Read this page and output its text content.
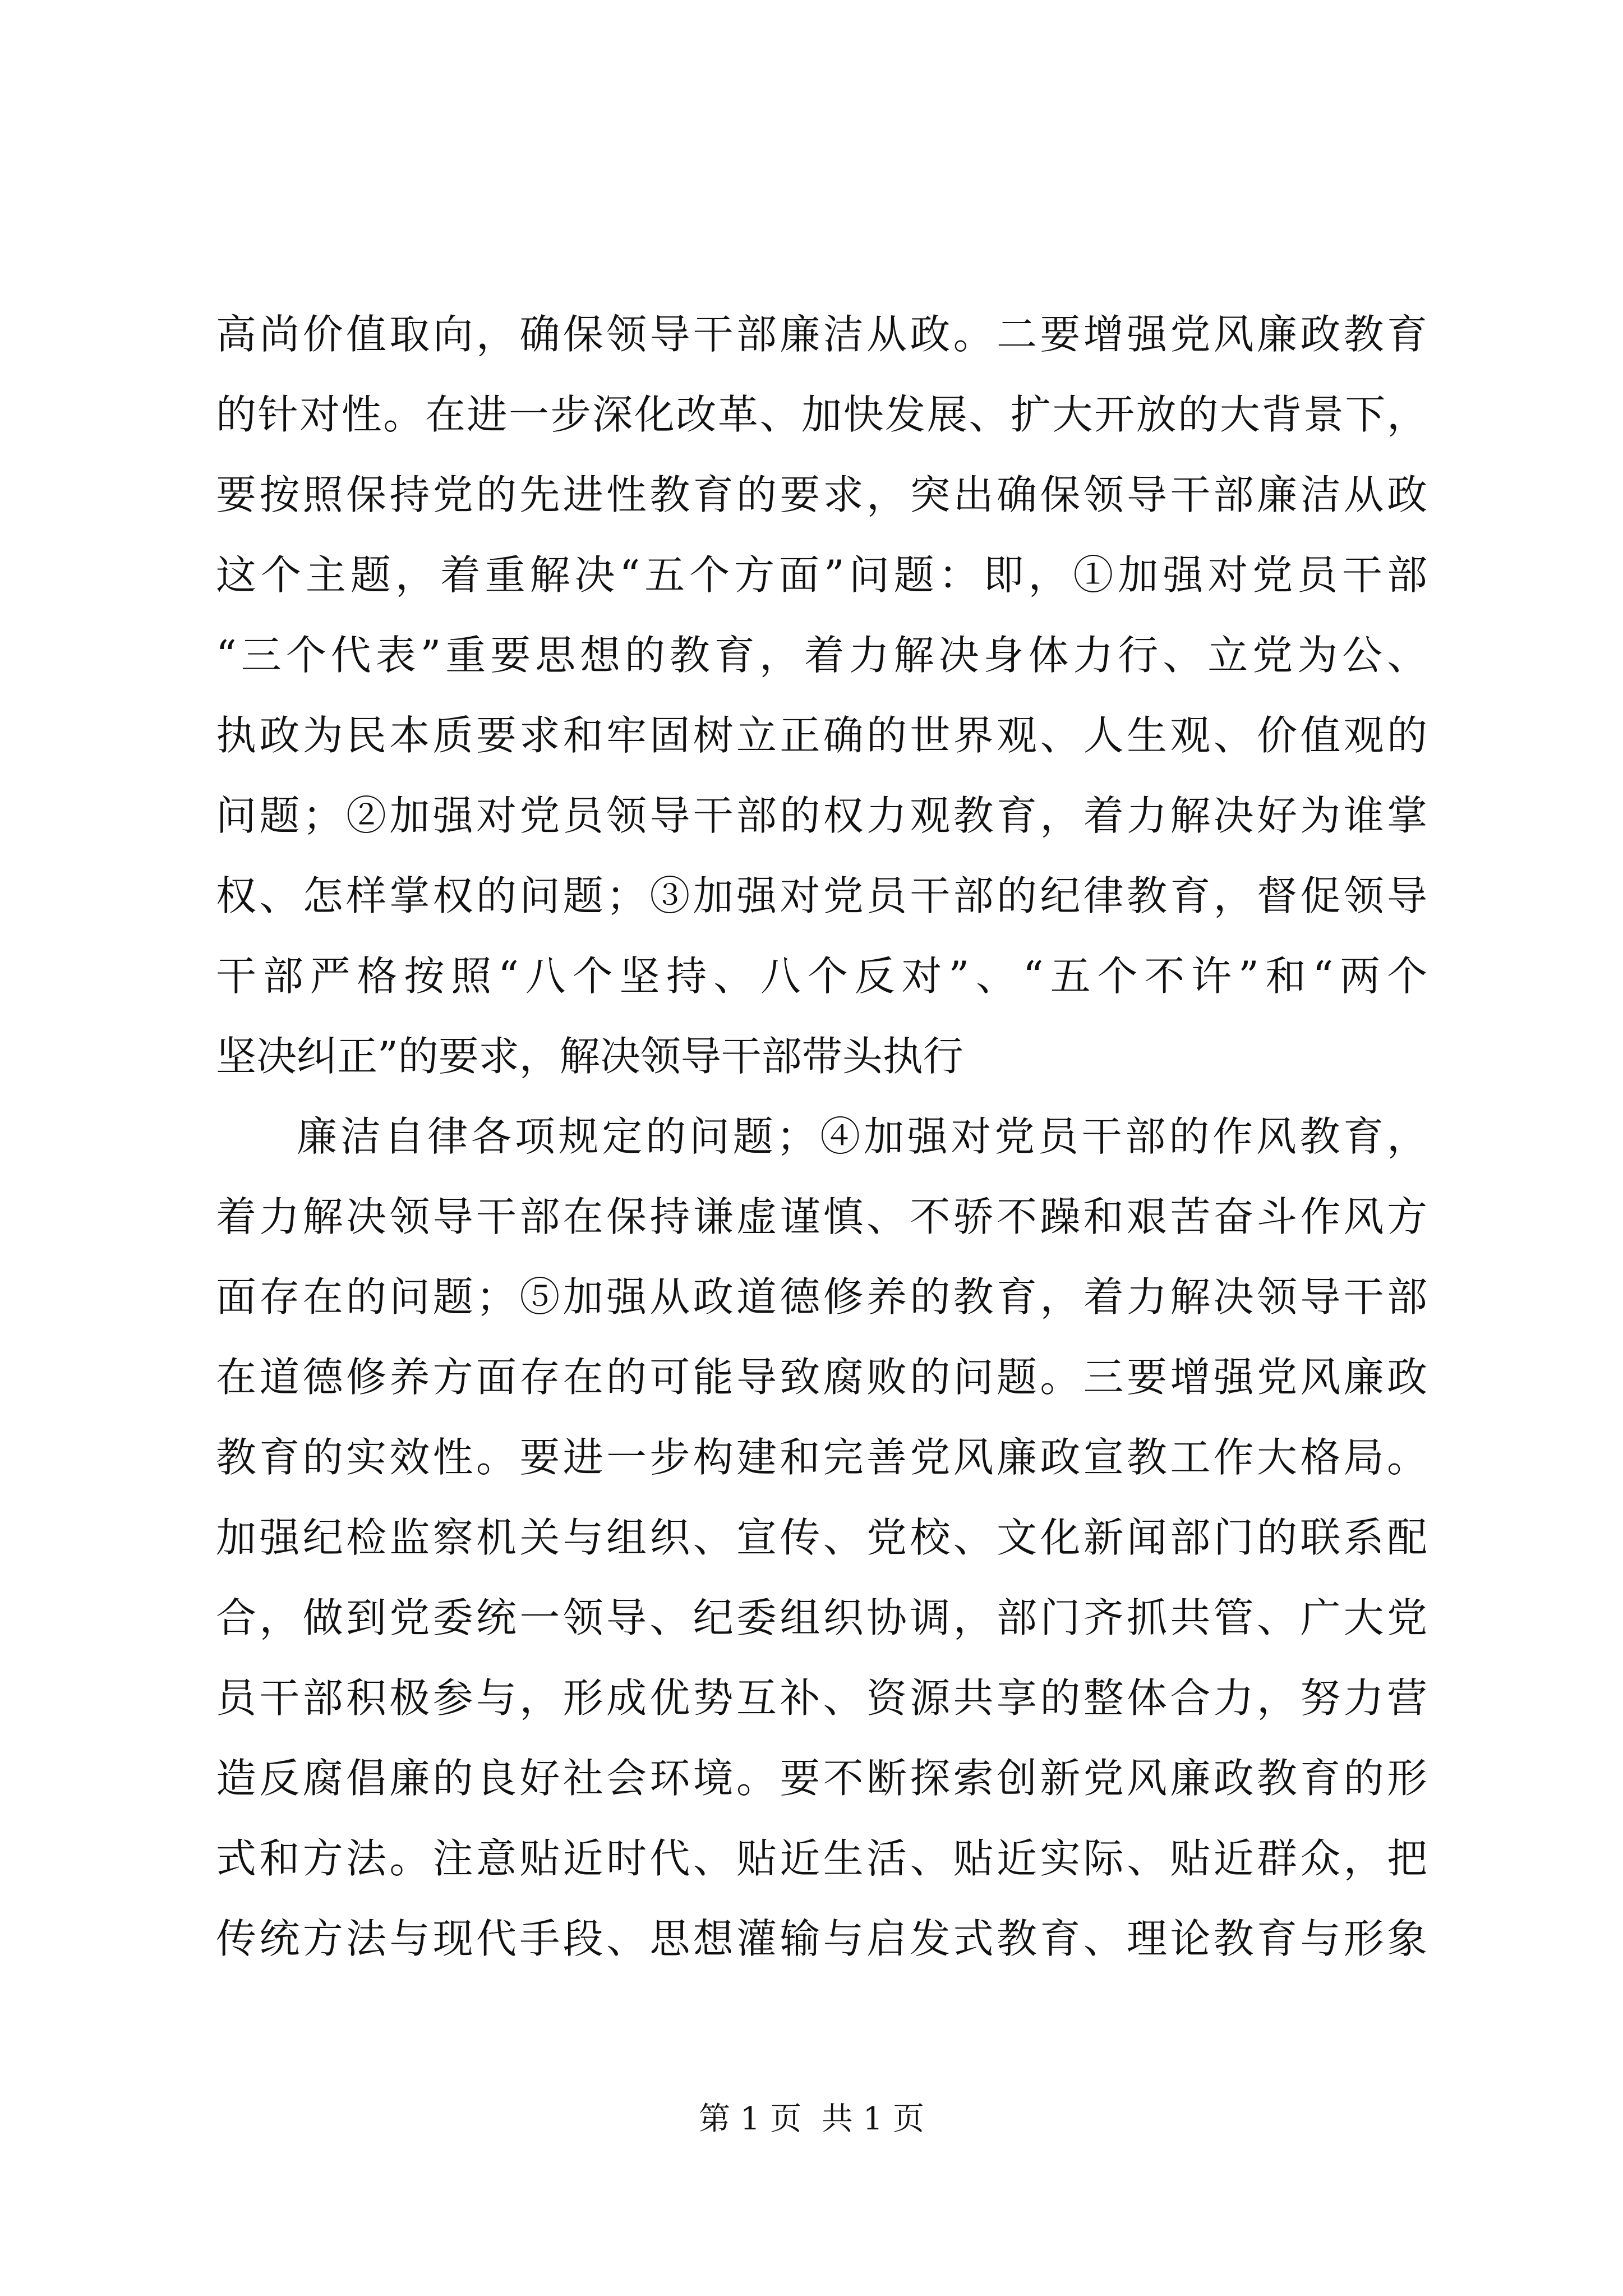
高尚价值取向，确保领导干部廉洁从政。二要增强党风廉政教育
的针对性。在进一步深化改革、加快发展、扩大开放的大背景下，
要按照保持党的先进性教育的要求，突出确保领导干部廉洁从政
这个主题，着重解决“五个方面”问题：即，①加强对党员干部
“三个代表”重要思想的教育，着力解决身体力行、立党为公、
执政为民本质要求和牢固树立正确的世界观、人生观、价值观的
问题；②加强对党员领导干部的权力观教育，着力解决好为谁掌
权、怎样掌权的问题；③加强对党员干部的纪律教育，督促领导
干部严格按照“八个坚持、八个反对”、“五个不许”和“两个
坚决纠正”的要求，解决领导干部带头执行
廉洁自律各项规定的问题；④加强对党员干部的作风教育，
着力解决领导干部在保持谦虚谨慎、不骄不躁和艰苦奋斗作风方
面存在的问题；⑤加强从政道德修养的教育，着力解决领导干部
在道德修养方面存在的可能导致腐败的问题。三要增强党风廉政
教育的实效性。要进一步构建和完善党风廉政宣教工作大格局。
加强纪检监察机关与组织、宣传、党校、文化新闻部门的联系配
合，做到党委统一领导、纪委组织协调，部门齐抓共管、广大党
员干部积极参与，形成优势互补、资源共享的整体合力，努力营
造反腐倡廉的良好社会环境。要不断探索创新党风廉政教育的形
式和方法。注意贴近时代、贴近生活、贴近实际、贴近群众，把
传统方法与现代手段、思想灌输与启发式教育、理论教育与形象
第 1 页  共 1 页
